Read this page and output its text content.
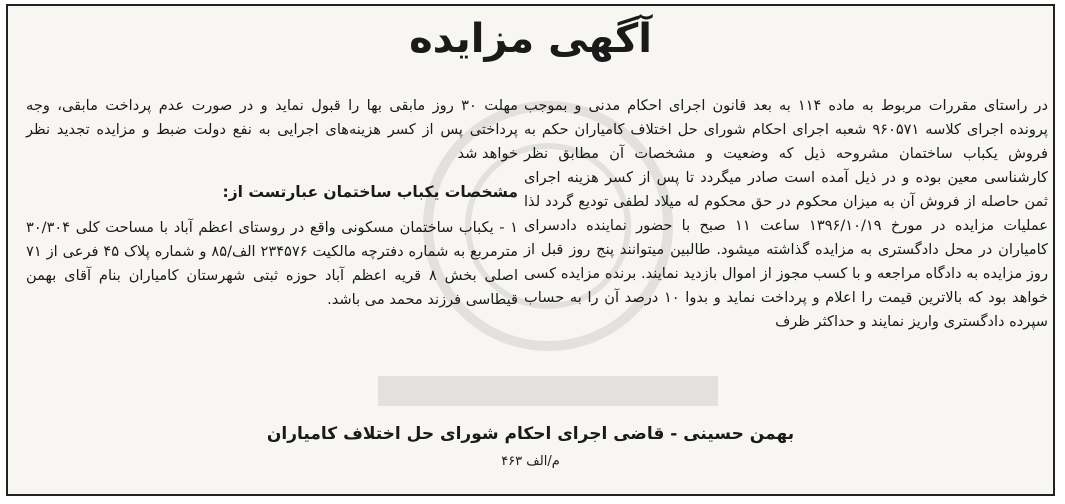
آگهی مزایده

در راستای مقررات مربوط به ماده ۱۱۴ به بعد قانون اجرای احکام مدنی و بموجب پرونده اجرای کلاسه ۹۶۰۵۷۱ شعبه اجرای احکام شورای حل اختلاف کامیاران حکم به فروش یکباب ساختمان مشروحه ذیل که وضعیت و مشخصات آن مطابق نظر کارشناسی معین بوده و در ذیل آمده است صادر میگردد تا پس از کسر هزینه اجرای ثمن حاصله از فروش آن به میزان محکوم در حق محکوم له میلاد لطفی تودیع گردد لذا عملیات مزایده در مورخ ۱۳۹۶/۱۰/۱۹ ساعت ۱۱ صبح با حضور نماینده دادسرای کامیاران در محل دادگستری به مزایده گذاشته میشود. طالبین میتوانند پنج روز قبل از روز مزایده به دادگاه مراجعه و با کسب مجوز از اموال بازدید نمایند. برنده مزایده کسی خواهد بود که بالاترین قیمت را اعلام و پرداخت نماید و بدوا ۱۰ درصد آن را به حساب سپرده دادگستری واریز نمایند و حداکثر ظرف

مهلت ۳۰ روز مابقی بها را قبول نماید و در صورت عدم پرداخت مابقی، وجه پرداختی پس از کسر هزینه‌های اجرایی به نفع دولت ضبط و مزایده تجدید نظر خواهد شد

مشخصات یکباب ساختمان عبارتست از:

۱ - یکباب ساختمان مسکونی واقع در روستای اعظم آباد با مساحت کلی ۳۰/۳۰۴ مترمربع به شماره دفترچه مالکیت ۲۳۴۵۷۶ الف/۸۵ و شماره پلاک ۴۵ فرعی از ۷۱ اصلی بخش ۸ قریه اعظم آباد حوزه ثبتی شهرستان کامیاران بنام آقای بهمن قیطاسی فرزند محمد می باشد.

بهمن حسینی - قاضی اجرای احکام شورای حل اختلاف کامیاران
م/الف ۴۶۳
